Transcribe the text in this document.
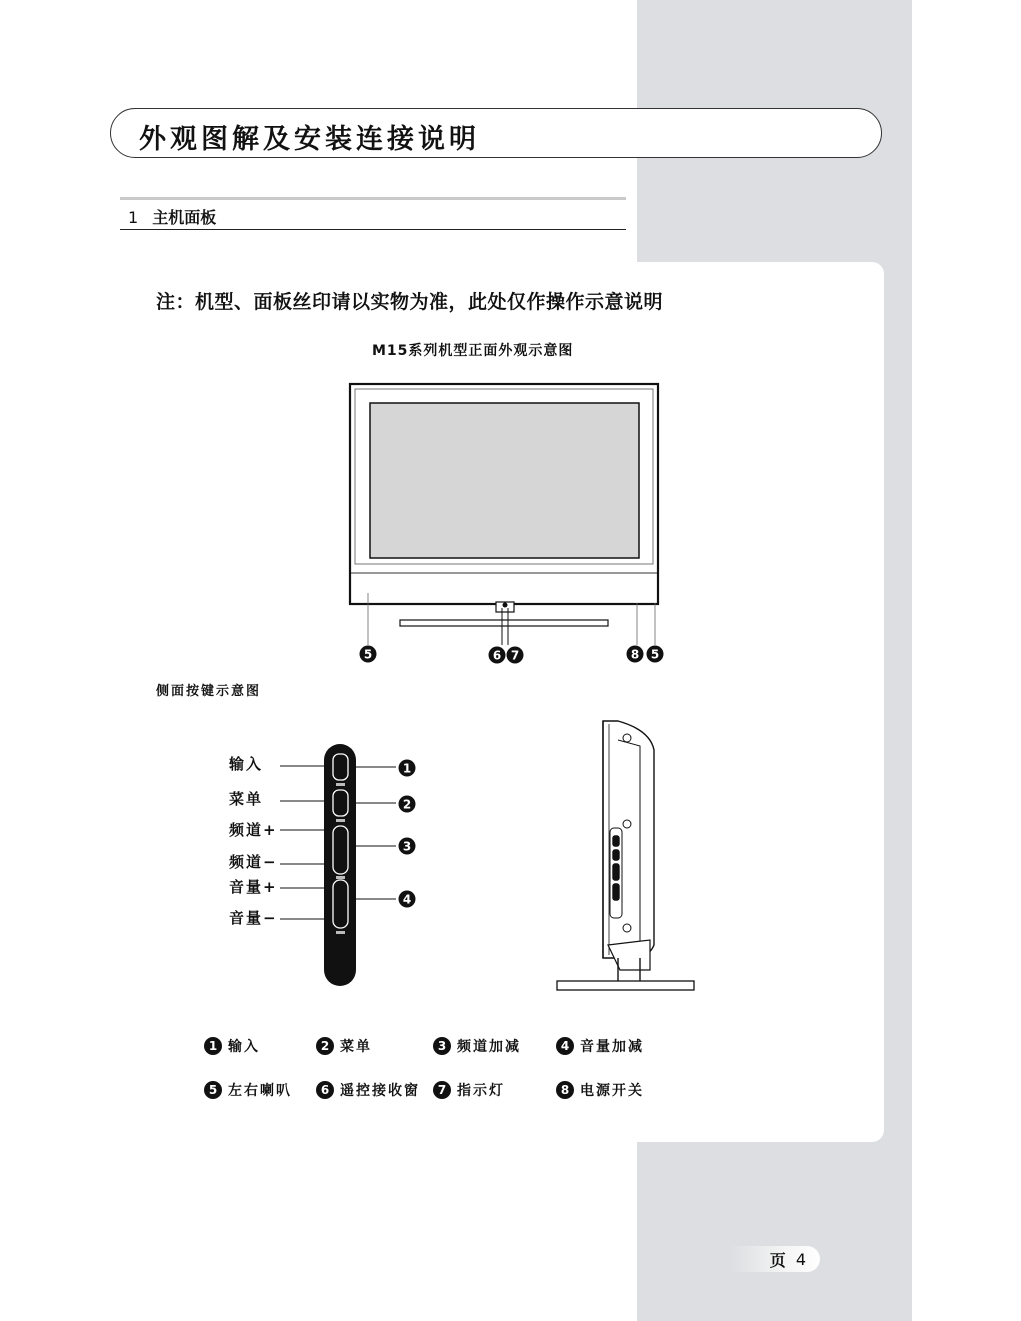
外观图解及安装连接说明
1 主机面板
注：机型、面板丝印请以实物为准，此处仅作操作示意说明
M15系列机型正面外观示意图
5	6 7	8 5
1
2
3
4
侧面按键示意图
输入
菜单
频道+
频道−
音量+
音量−
1 输入	2 菜单	3 频道加减	4 音量加减
5 左右喇叭	6 遥控接收窗	7 指示灯	8 电源开关
页 4
